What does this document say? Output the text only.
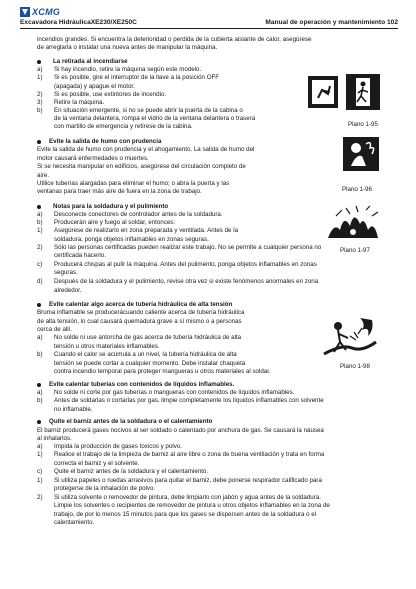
XCMG
Excavadora HidráulicaXE230/XE250C	Manual de operación y mantenimiento 102
incendios grandes. Si encuentra la deterioridad o perdida de la cubierta aislante de calor, asegúrese
de arreglarla o instalar una nueva antes de manipular la máquina.
La retirada al incendiarse
a) Si hay incendio, retire la máquina según este modelo.
1) Si es posible, gire el interruptor de la llave a la posición OFF
(apagada) y apague el motor.
2) Si es posible, use extintores de incendio.
3) Retire la máquina.
b) En situación emergente, si no se puede abrir la puerta de la cabina o
de la ventana delantera, rompa el vidrio de la ventana delantera o trasera
con martillo de emergencia y retírese de la cabina.	Plano 1-95
Evite la salida de humo con prudencia
Evite la salida de humo con prudencia y el ahogamiento. La salida de humo del
motor causará enfermedades o muertes.
Si se necesita manipular en edificios, asegúrese del circulación completo de
aire.
Utilice tuberías alargadas para eliminar el humo; o abra la puerta y las
ventanas para traer más aire de fuera en la zona de trabajo.	Plano 1-96
Notas para la soldadura y el pulimiento
a) Desconecte conectores de controlador antes de la soldadura.
b) Producerán aire y fuego al soldar, entonces:
1) Asegúrese de realizarlo en zona preparada y ventilada. Antes de la
soldadura, ponga objetos inflamables en zonas seguras.
2) Sólo las personas certificadas pueden realizar este trabajo. No se permite a cualquier persona no
certificada hacerlo.
c) Producerá chispas al pulir la máquina. Antes del pulimento, ponga objetos inflamables en zonas
seguras.
d) Después de la soldadura y el pulimiento, revise otra vez si existe fenómenos anormales en zona
alrededor.
Plano 1-97
Evite calentar algo acerca de tubería hidráulica de alta tensión
Bruma inflamable se producerácuando caliente acerca de tubería hidráulica
de alta tensión, lo cual causará quemadura grave a sí mismo o a personas
cerca de allí.
a) No solde ni use antorcha de gas acerca de tubería hidráulica de alta
tensión u otros materiales inflamables.
b) Cuando el calor se acumula a un nivel, la tubería hidráulica de alta
tensión se puede cortar a cualquier momento. Debe instalar chaqueta
contra incendio temporal para proteger mangueras u otros materiales al soldar.
Plano 1-98
Evite calentar tuberías con contenidos de líquidos inflamables.
a) No solde ni corte por gas tuberías o mangueras con contenidos de líquidos inflamables.
b) Antes de soldarlas o cortarlas por gas, limpie completamente los líquidos inflamables con solvente
no inflamable.
Quite el barniz antes de la soldadura o el calentamiento
El barniz producerá gases nocivos al ser soldado o calentado por anchura de gas. Se causará la náusea
al inhalarlos.
a) Impida la producción de gases toxicos y polvo.
1) Realice el trabajo de la limpieza de barniz al aire libre o zona de buena ventilación y trata en forma
correcta el barniz y el solvente.
c) Quite el barniz antes de la soldadura y el calentamiento.
1) Si utiliza papeles o ruedas arrasivos para quitar el barniz, debe ponerse respirador calificado para
protegerse de la inhalación de polvo.
2) Si utiliza solvente o removedor de pintura, debe limpiarlo con jabón y agua antes de la soldadura.
Limpie los solventes o recipientes de removedor de pintura u otros objetos inflamables en la zona de
trabajo, de por lo menos 15 minutos para que los gases se dispersen antes de la soldadura o el
calentamiento.
